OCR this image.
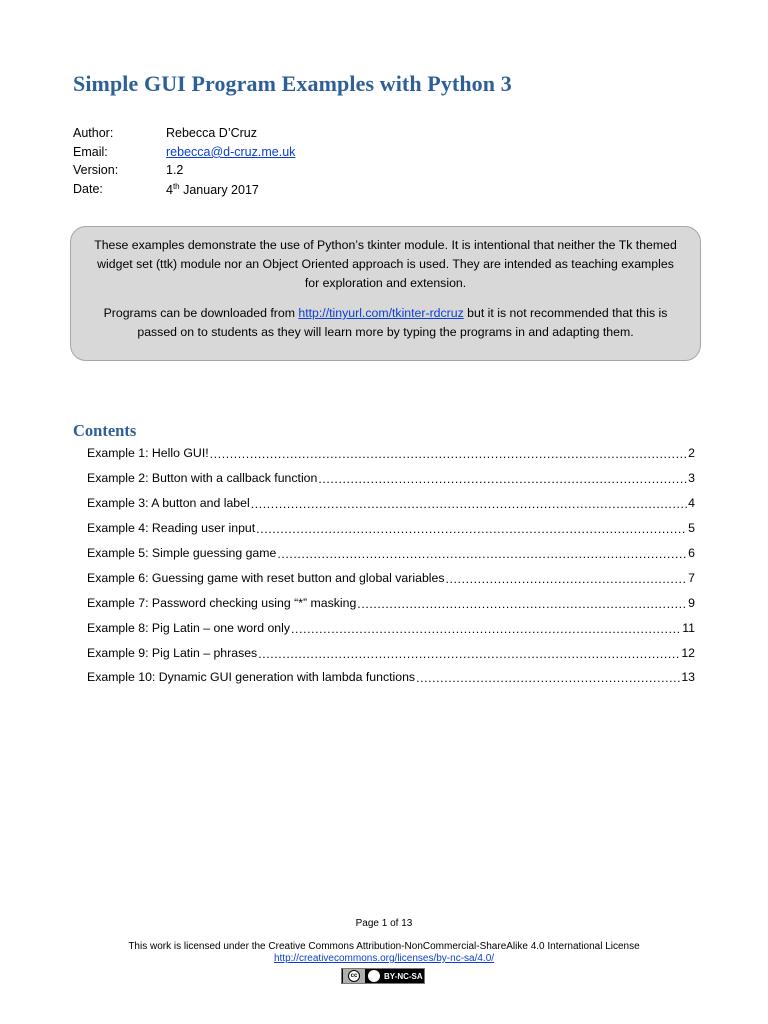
Simple GUI Program Examples with Python 3
Author:	Rebecca D’Cruz
Email:	rebecca@d-cruz.me.uk
Version:	1.2
Date:	4th January 2017

These examples demonstrate the use of Python’s tkinter module. It is intentional that neither the Tk themed widget set (ttk) module nor an Object Oriented approach is used. They are intended as teaching examples for exploration and extension.

Programs can be downloaded from http://tinyurl.com/tkinter-rdcruz but it is not recommended that this is passed on to students as they will learn more by typing the programs in and adapting them.

Contents
Example 1: Hello GUI! .....	2
Example 2: Button with a callback function .....	3
Example 3: A button and label .....	4
Example 4: Reading user input .....	5
Example 5: Simple guessing game .....	6
Example 6: Guessing game with reset button and global variables .....	7
Example 7: Password checking using “*” masking .....	9
Example 8: Pig Latin – one word only .....	11
Example 9: Pig Latin – phrases .....	12
Example 10: Dynamic GUI generation with lambda functions .....	13
Page 1 of 13
This work is licensed under the Creative Commons Attribution-NonCommercial-ShareAlike 4.0 International License
http://creativecommons.org/licenses/by-nc-sa/4.0/
cc	BY-NC-SA
